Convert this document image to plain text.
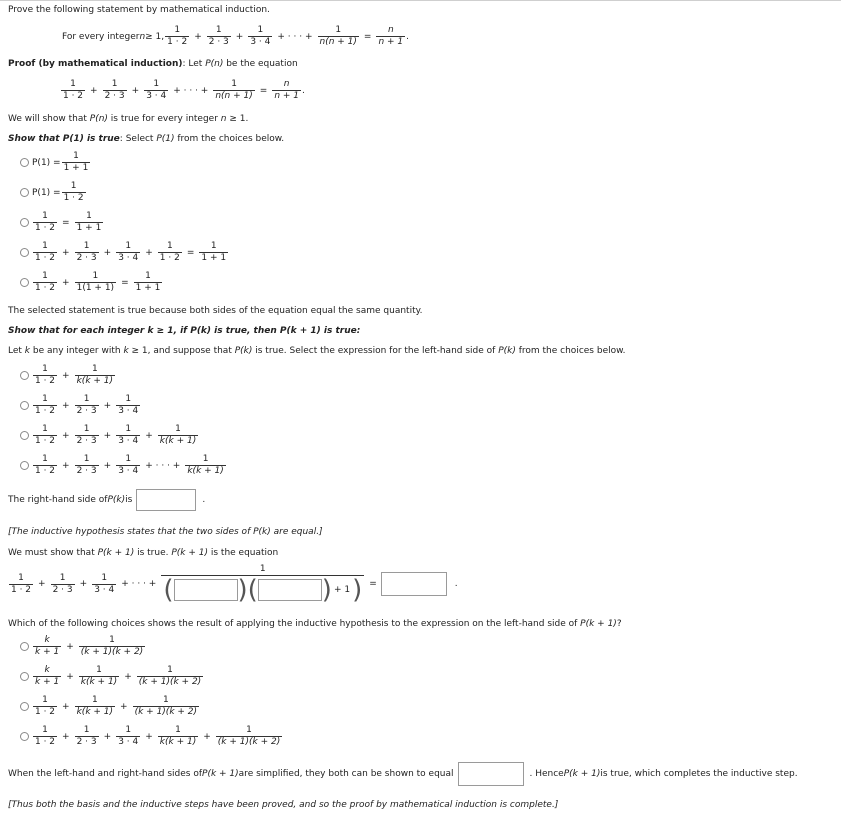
Prove the following statement by mathematical induction.
For every integer n ≥ 1, $\frac{1}{1 \cdot 2} + \frac{1}{2 \cdot 3} + \frac{1}{3 \cdot 4}$ + · · · + $\frac{1}{n(n + 1)} = \frac{n}{n + 1}$ .
Proof (by mathematical induction): Let P(n) be the equation
$\frac{1}{1 \cdot 2} + \frac{1}{2 \cdot 3} + \frac{1}{3 \cdot 4}$ + · · · + $\frac{1}{n(n + 1)} = \frac{n}{n + 1}$ .
We will show that P(n) is true for every integer n ≥ 1.
Show that P(1) is true: Select P(1) from the choices below.
$P(1) = \frac{1}{1 + 1}$
$P(1) = \frac{1}{1 \cdot 2}$
$\frac{1}{1 \cdot 2} = \frac{1}{1 + 1}$
$\frac{1}{1 \cdot 2} + \frac{1}{2 \cdot 3} + \frac{1}{3 \cdot 4} + \frac{1}{1 \cdot 2} = \frac{1}{1 + 1}$
$\frac{1}{1 \cdot 2} + \frac{1}{1(1 + 1)} = \frac{1}{1 + 1}$
The selected statement is true because both sides of the equation equal the same quantity.
Show that for each integer k ≥ 1, if P(k) is true, then P(k + 1) is true:
Let k be any integer with k ≥ 1, and suppose that P(k) is true. Select the expression for the left-hand side of P(k) from the choices below.
$\frac{1}{1 \cdot 2} + \frac{1}{k(k + 1)}$
$\frac{1}{1 \cdot 2} + \frac{1}{2 \cdot 3} + \frac{1}{3 \cdot 4}$
$\frac{1}{1 \cdot 2} + \frac{1}{2 \cdot 3} + \frac{1}{3 \cdot 4} + \frac{1}{k(k + 1)}$
$\frac{1}{1 \cdot 2} + \frac{1}{2 \cdot 3} + \frac{1}{3 \cdot 4}$ + · · · + $\frac{1}{k(k + 1)}$
The right-hand side of P(k) is	.
[The inductive hypothesis states that the two sides of P(k) are equal.]
We must show that P(k + 1) is true. P(k + 1) is the equation
$\frac{1}{1 \cdot 2} + \frac{1}{2 \cdot 3} + \frac{1}{3 \cdot 4}$ + · · · + $\frac{1}{( )( ) + 1 )}$ =	.
Which of the following choices shows the result of applying the inductive hypothesis to the expression on the left-hand side of P(k + 1)?
$\frac{k}{k + 1} + \frac{1}{(k + 1)(k + 2)}$
$\frac{k}{k + 1} + \frac{1}{k(k + 1)} + \frac{1}{(k + 1)(k + 2)}$
$\frac{1}{1 \cdot 2} + \frac{1}{k(k + 1)} + \frac{1}{(k + 1)(k + 2)}$
$\frac{1}{1 \cdot 2} + \frac{1}{2 \cdot 3} + \frac{1}{3 \cdot 4} + \frac{1}{k(k + 1)} + \frac{1}{(k + 1)(k + 2)}$
When the left-hand and right-hand sides of P(k + 1) are simplified, they both can be shown to equal	. Hence P(k + 1) is true, which completes the inductive step.
[Thus both the basis and the inductive steps have been proved, and so the proof by mathematical induction is complete.]
